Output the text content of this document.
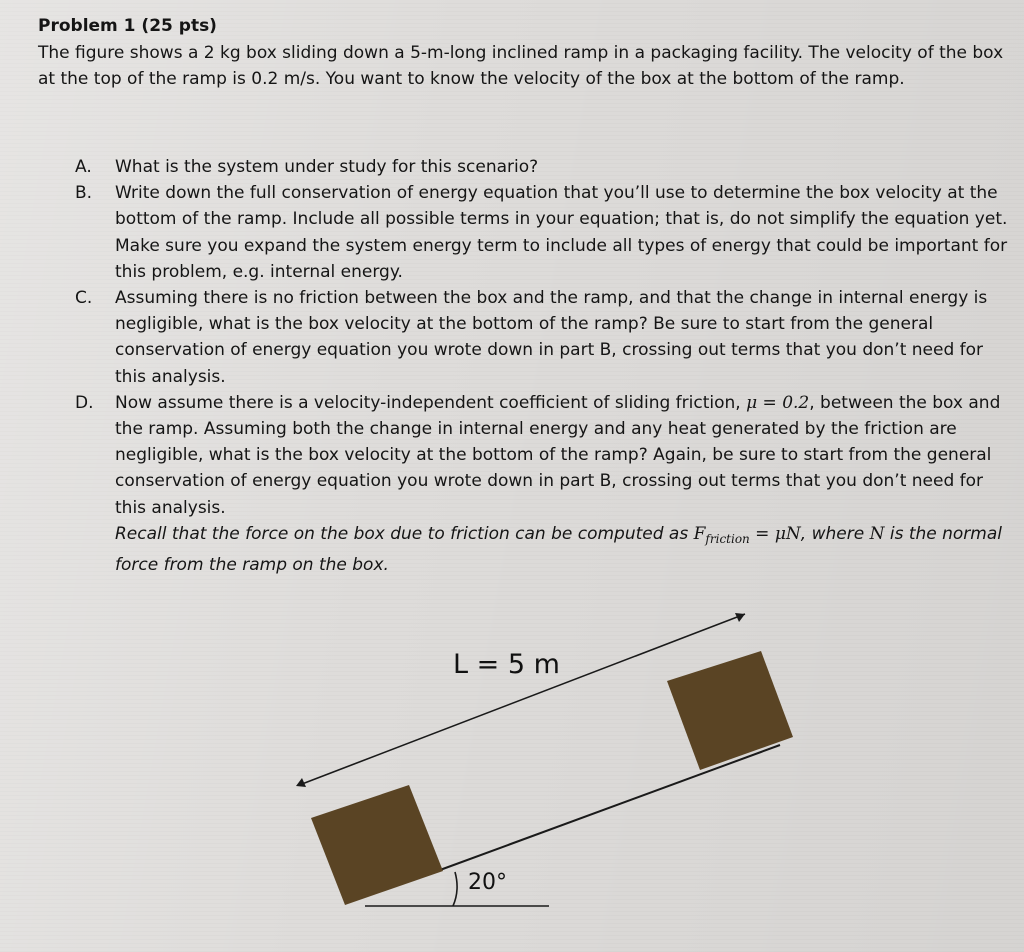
Problem 1 (25 pts)
The figure shows a 2 kg box sliding down a 5-m-long inclined ramp in a packaging facility. The velocity of the box at the top of the ramp is 0.2 m/s. You want to know the velocity of the box at the bottom of the ramp.
A.	What is the system under study for this scenario?
B.	Write down the full conservation of energy equation that you’ll use to determine the box velocity at the bottom of the ramp. Include all possible terms in your equation; that is, do not simplify the equation yet. Make sure you expand the system energy term to include all types of energy that could be important for this problem, e.g. internal energy.
C.	Assuming there is no friction between the box and the ramp, and that the change in internal energy is negligible, what is the box velocity at the bottom of the ramp? Be sure to start from the general conservation of energy equation you wrote down in part B, crossing out terms that you don’t need for this analysis.
D.	Now assume there is a velocity-independent coefficient of sliding friction, μ = 0.2, between the box and the ramp. Assuming both the change in internal energy and any heat generated by the friction are negligible, what is the box velocity at the bottom of the ramp? Again, be sure to start from the general conservation of energy equation you wrote down in part B, crossing out terms that you don’t need for this analysis.
Recall that the force on the box due to friction can be computed as $F_{friction} = \mu N$, where N is the normal force from the ramp on the box.
L = 5 m
20°
